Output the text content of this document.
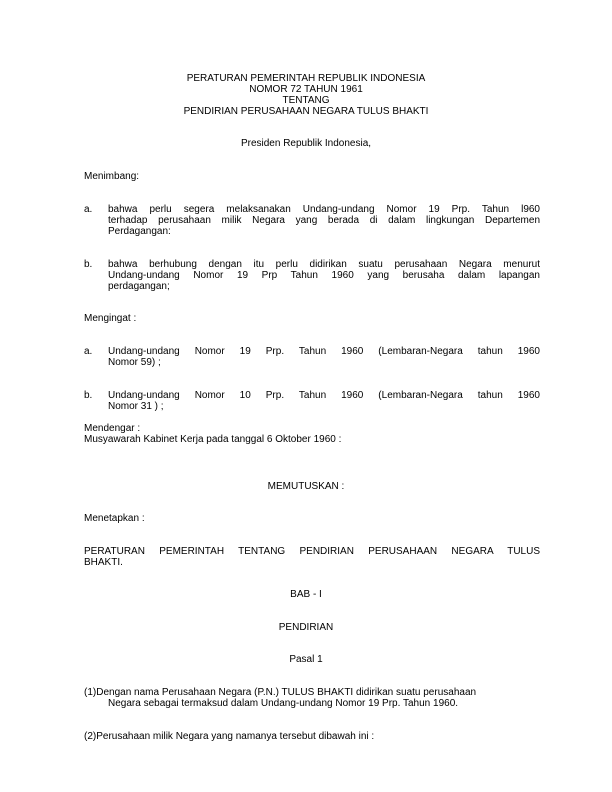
PERATURAN PEMERINTAH REPUBLIK INDONESIA
NOMOR 72 TAHUN 1961
TENTANG
PENDIRIAN PERUSAHAAN NEGARA TULUS BHAKTI
Presiden Republik Indonesia,
Menimbang:
a. bahwa perlu segera melaksanakan Undang-undang Nomor 19 Prp. Tahun l960
terhadap perusahaan milik Negara yang berada di dalam lingkungan Departemen
Perdagangan:
b. bahwa berhubung dengan itu perlu didirikan suatu perusahaan Negara menurut
Undang-undang Nomor 19 Prp Tahun 1960 yang berusaha dalam lapangan
perdagangan;
Mengingat :
a. Undang-undang Nomor 19 Prp. Tahun 1960 (Lembaran-Negara tahun 1960
Nomor 59) ;
b. Undang-undang Nomor 10 Prp. Tahun 1960 (Lembaran-Negara tahun 1960
Nomor 31 ) ;
Mendengar :
Musyawarah Kabinet Kerja pada tanggal 6 Oktober 1960 :
MEMUTUSKAN :
Menetapkan :
PERATURAN PEMERINTAH TENTANG PENDIRIAN PERUSAHAAN NEGARA TULUS
BHAKTI.
BAB - I
PENDIRIAN
Pasal 1
(1)Dengan nama Perusahaan Negara (P.N.) TULUS BHAKTI didirikan suatu perusahaan
Negara sebagai termaksud dalam Undang-undang Nomor 19 Prp. Tahun 1960.
(2)Perusahaan milik Negara yang namanya tersebut dibawah ini :
